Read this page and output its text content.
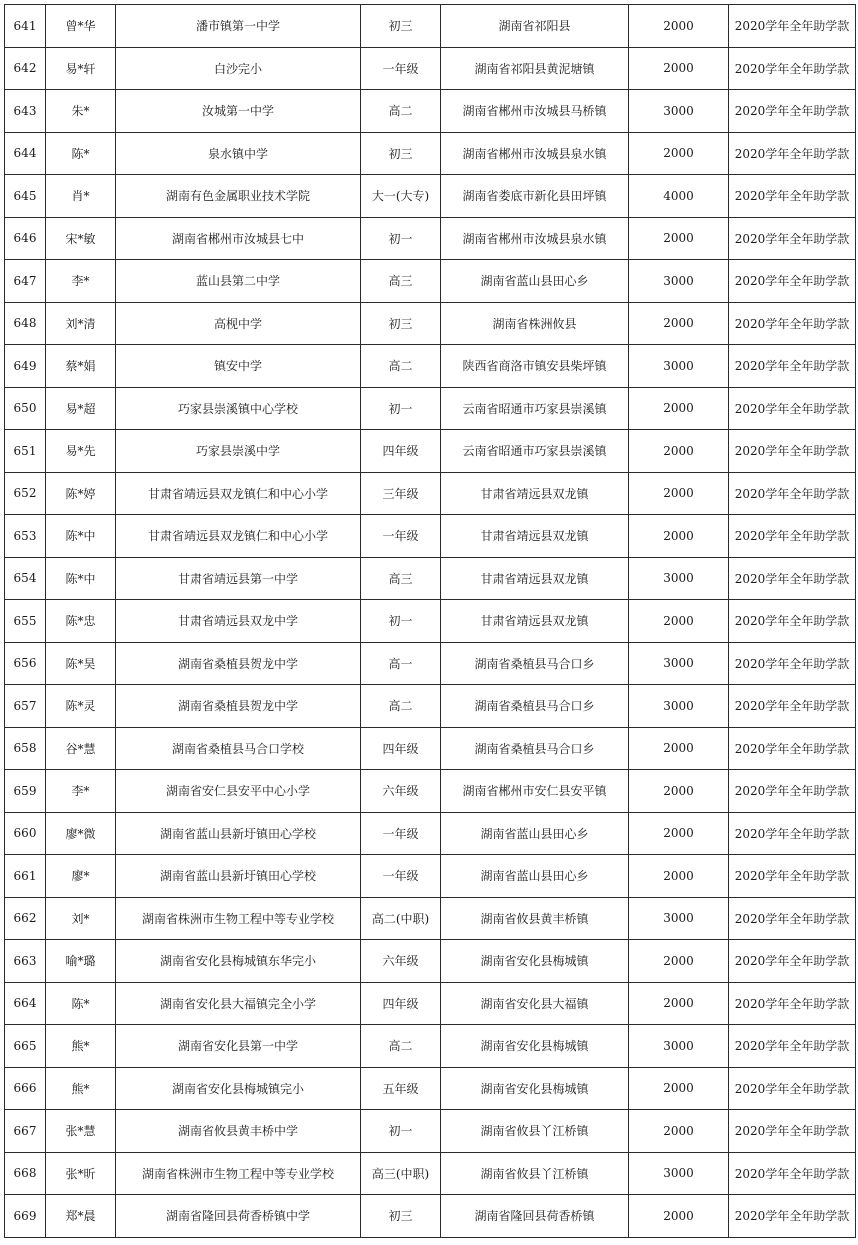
641	曾*华	潘市镇第一中学	初三	湖南省祁阳县	2000	2020学年全年助学款
642	易*轩	白沙完小	一年级	湖南省祁阳县黄泥塘镇	2000	2020学年全年助学款
643	朱*	汝城第一中学	高二	湖南省郴州市汝城县马桥镇	3000	2020学年全年助学款
644	陈*	泉水镇中学	初三	湖南省郴州市汝城县泉水镇	2000	2020学年全年助学款
645	肖*	湖南有色金属职业技术学院	大一(大专)	湖南省娄底市新化县田坪镇	4000	2020学年全年助学款
646	宋*敏	湖南省郴州市汝城县七中	初一	湖南省郴州市汝城县泉水镇	2000	2020学年全年助学款
647	李*	蓝山县第二中学	高三	湖南省蓝山县田心乡	3000	2020学年全年助学款
648	刘*清	高枧中学	初三	湖南省株洲攸县	2000	2020学年全年助学款
649	蔡*娟	镇安中学	高二	陕西省商洛市镇安县柴坪镇	3000	2020学年全年助学款
650	易*超	巧家县崇溪镇中心学校	初一	云南省昭通市巧家县崇溪镇	2000	2020学年全年助学款
651	易*先	巧家县崇溪中学	四年级	云南省昭通市巧家县崇溪镇	2000	2020学年全年助学款
652	陈*婷	甘肃省靖远县双龙镇仁和中心小学	三年级	甘肃省靖远县双龙镇	2000	2020学年全年助学款
653	陈*中	甘肃省靖远县双龙镇仁和中心小学	一年级	甘肃省靖远县双龙镇	2000	2020学年全年助学款
654	陈*中	甘肃省靖远县第一中学	高三	甘肃省靖远县双龙镇	3000	2020学年全年助学款
655	陈*忠	甘肃省靖远县双龙中学	初一	甘肃省靖远县双龙镇	2000	2020学年全年助学款
656	陈*昊	湖南省桑植县贺龙中学	高一	湖南省桑植县马合口乡	3000	2020学年全年助学款
657	陈*灵	湖南省桑植县贺龙中学	高二	湖南省桑植县马合口乡	3000	2020学年全年助学款
658	谷*慧	湖南省桑植县马合口学校	四年级	湖南省桑植县马合口乡	2000	2020学年全年助学款
659	李*	湖南省安仁县安平中心小学	六年级	湖南省郴州市安仁县安平镇	2000	2020学年全年助学款
660	廖*微	湖南省蓝山县新圩镇田心学校	一年级	湖南省蓝山县田心乡	2000	2020学年全年助学款
661	廖*	湖南省蓝山县新圩镇田心学校	一年级	湖南省蓝山县田心乡	2000	2020学年全年助学款
662	刘*	湖南省株洲市生物工程中等专业学校	高二(中职)	湖南省攸县黄丰桥镇	3000	2020学年全年助学款
663	喻*璐	湖南省安化县梅城镇东华完小	六年级	湖南省安化县梅城镇	2000	2020学年全年助学款
664	陈*	湖南省安化县大福镇完全小学	四年级	湖南省安化县大福镇	2000	2020学年全年助学款
665	熊*	湖南省安化县第一中学	高二	湖南省安化县梅城镇	3000	2020学年全年助学款
666	熊*	湖南省安化县梅城镇完小	五年级	湖南省安化县梅城镇	2000	2020学年全年助学款
667	张*慧	湖南省攸县黄丰桥中学	初一	湖南省攸县丫江桥镇	2000	2020学年全年助学款
668	张*昕	湖南省株洲市生物工程中等专业学校	高三(中职)	湖南省攸县丫江桥镇	3000	2020学年全年助学款
669	郑*晨	湖南省隆回县荷香桥镇中学	初三	湖南省隆回县荷香桥镇	2000	2020学年全年助学款
